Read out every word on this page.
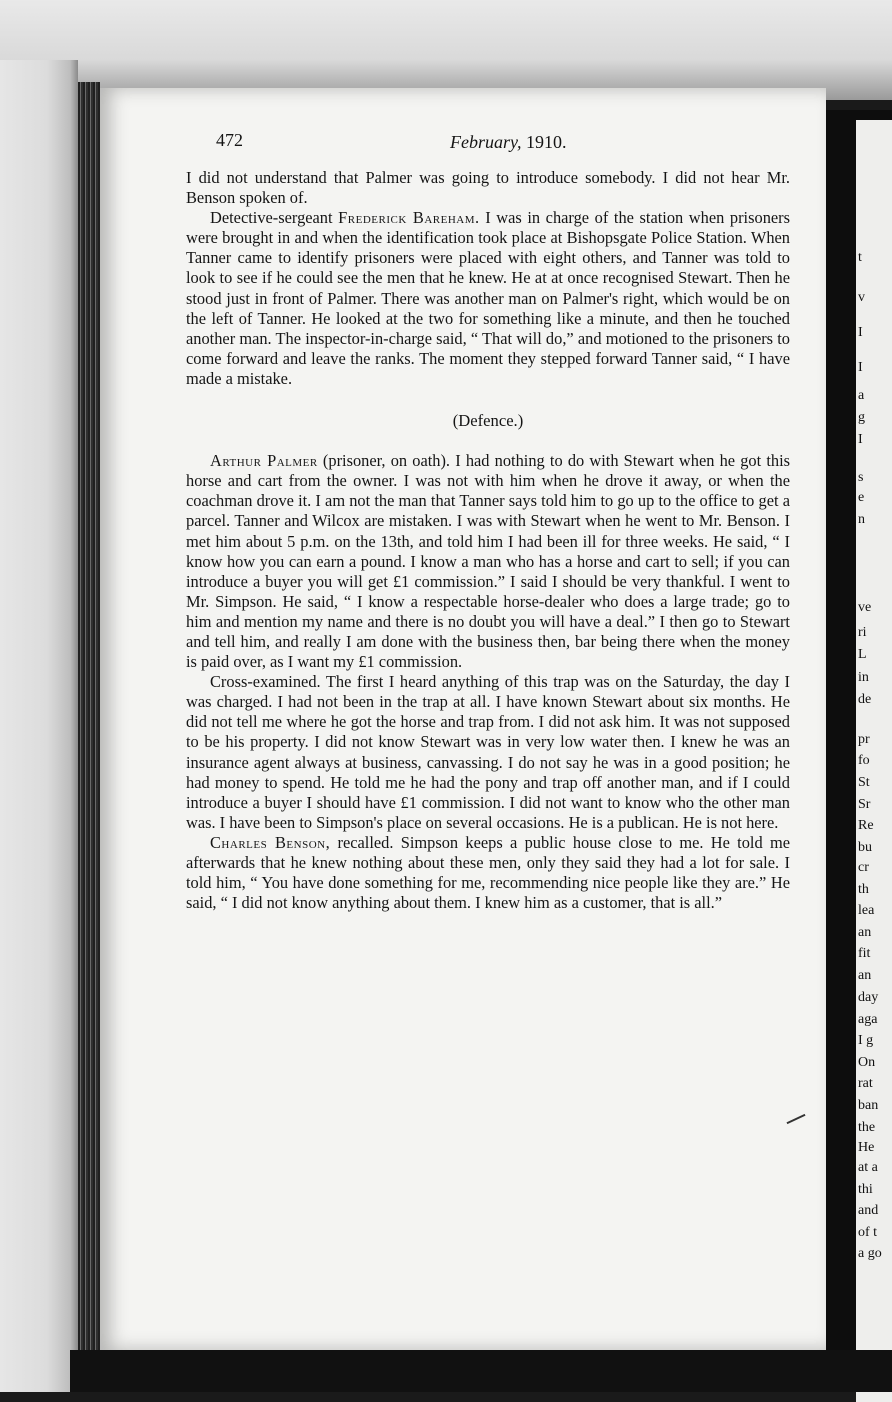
t
v
I
I
a
g
I
s
e
n
ve
ri
L
in
de
pr
fo
St
Sr
Re
bu
cr
th
lea
an
fit
an
day
aga
I g
On
rat
ban
the
He
at a
thi
and
of t
a go
472	February, 1910.

I did not understand that Palmer was going to introduce somebody. I did not hear Mr. Benson spoken of.

Detective-sergeant Frederick Bareham. I was in charge of the station when prisoners were brought in and when the identification took place at Bishopsgate Police Station. When Tanner came to identify prisoners were placed with eight others, and Tanner was told to look to see if he could see the men that he knew. He at at once recognised Stewart. Then he stood just in front of Palmer. There was another man on Palmer's right, which would be on the left of Tanner. He looked at the two for something like a minute, and then he touched another man. The inspector-in-charge said, “ That will do,” and motioned to the prisoners to come forward and leave the ranks. The moment they stepped forward Tanner said, “ I have made a mistake.

(Defence.)

Arthur Palmer (prisoner, on oath). I had nothing to do with Stewart when he got this horse and cart from the owner. I was not with him when he drove it away, or when the coachman drove it. I am not the man that Tanner says told him to go up to the office to get a parcel. Tanner and Wilcox are mistaken. I was with Stewart when he went to Mr. Benson. I met him about 5 p.m. on the 13th, and told him I had been ill for three weeks. He said, “ I know how you can earn a pound. I know a man who has a horse and cart to sell; if you can introduce a buyer you will get £1 commission.” I said I should be very thankful. I went to Mr. Simpson. He said, “ I know a respectable horse-dealer who does a large trade; go to him and mention my name and there is no doubt you will have a deal.” I then go to Stewart and tell him, and really I am done with the business then, bar being there when the money is paid over, as I want my £1 commission.

Cross-examined. The first I heard anything of this trap was on the Saturday, the day I was charged. I had not been in the trap at all. I have known Stewart about six months. He did not tell me where he got the horse and trap from. I did not ask him. It was not supposed to be his property. I did not know Stewart was in very low water then. I knew he was an insurance agent always at business, canvassing. I do not say he was in a good position; he had money to spend. He told me he had the pony and trap off another man, and if I could introduce a buyer I should have £1 commission. I did not want to know who the other man was. I have been to Simpson's place on several occasions. He is a publican. He is not here.

Charles Benson, recalled. Simpson keeps a public house close to me. He told me afterwards that he knew nothing about these men, only they said they had a lot for sale. I told him, “ You have done something for me, recommending nice people like they are.” He said, “ I did not know anything about them. I knew him as a customer, that is all.”
